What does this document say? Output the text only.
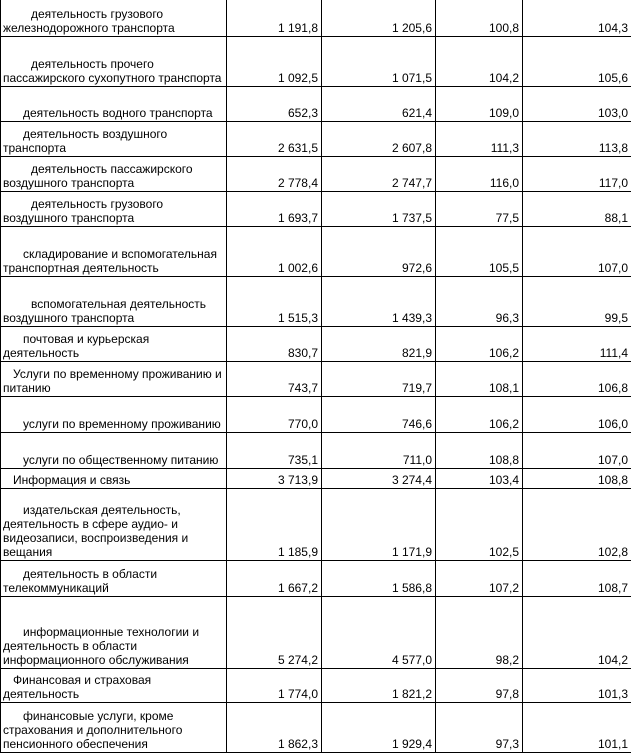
деятельность грузового
железнодорожного транспорта	1 191,8	1 205,6	100,8	104,3

деятельность прочего
пассажирского сухопутного транспорта	1 092,5	1 071,5	104,2	105,6

деятельность водного транспорта	652,3	621,4	109,0	103,0

деятельность воздушного
транспорта	2 631,5	2 607,8	111,3	113,8

деятельность пассажирского
воздушного транспорта	2 778,4	2 747,7	116,0	117,0

деятельность грузового
воздушного транспорта	1 693,7	1 737,5	77,5	88,1

складирование и вспомогательная
транспортная деятельность	1 002,6	972,6	105,5	107,0

вспомогательная деятельность
воздушного транспорта	1 515,3	1 439,3	96,3	99,5

почтовая и курьерская
деятельность	830,7	821,9	106,2	111,4

Услуги по временному проживанию и
питанию	743,7	719,7	108,1	106,8

услуги по временному проживанию	770,0	746,6	106,2	106,0

услуги по общественному питанию	735,1	711,0	108,8	107,0

Информация и связь	3 713,9	3 274,4	103,4	108,8

издательская деятельность,
деятельность в сфере аудио- и
видеозаписи, воспроизведения и
вещания	1 185,9	1 171,9	102,5	102,8

деятельность в области
телекоммуникаций	1 667,2	1 586,8	107,2	108,7

информационные технологии и
деятельность в области
информационного обслуживания	5 274,2	4 577,0	98,2	104,2

Финансовая и страховая
деятельность	1 774,0	1 821,2	97,8	101,3

финансовые услуги, кроме
страхования и дополнительного
пенсионного обеспечения	1 862,3	1 929,4	97,3	101,1
